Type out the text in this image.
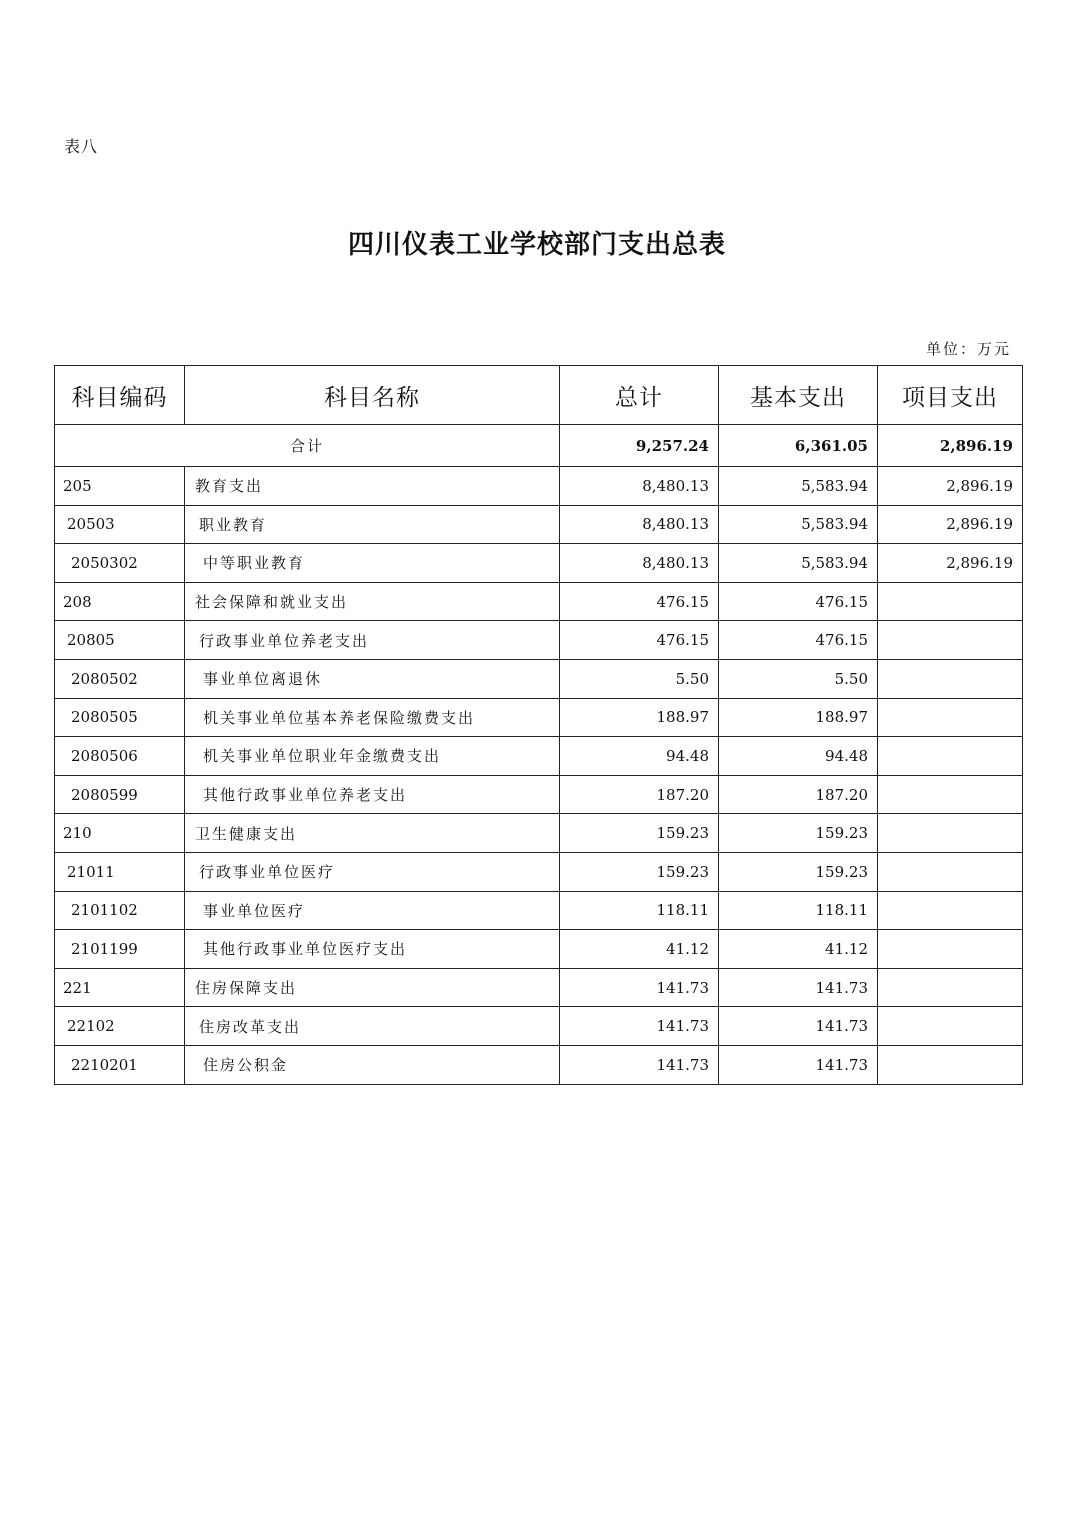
表八
四川仪表工业学校部门支出总表
单位：万元
科目编码	科目名称	总计	基本支出	项目支出
合计		9,257.24	6,361.05	2,896.19
205	教育支出	8,480.13	5,583.94	2,896.19
20503	职业教育	8,480.13	5,583.94	2,896.19
2050302	中等职业教育	8,480.13	5,583.94	2,896.19
208	社会保障和就业支出	476.15	476.15	
20805	行政事业单位养老支出	476.15	476.15	
2080502	事业单位离退休	5.50	5.50	
2080505	机关事业单位基本养老保险缴费支出	188.97	188.97	
2080506	机关事业单位职业年金缴费支出	94.48	94.48	
2080599	其他行政事业单位养老支出	187.20	187.20	
210	卫生健康支出	159.23	159.23	
21011	行政事业单位医疗	159.23	159.23	
2101102	事业单位医疗	118.11	118.11	
2101199	其他行政事业单位医疗支出	41.12	41.12	
221	住房保障支出	141.73	141.73	
22102	住房改革支出	141.73	141.73	
2210201	住房公积金	141.73	141.73	
